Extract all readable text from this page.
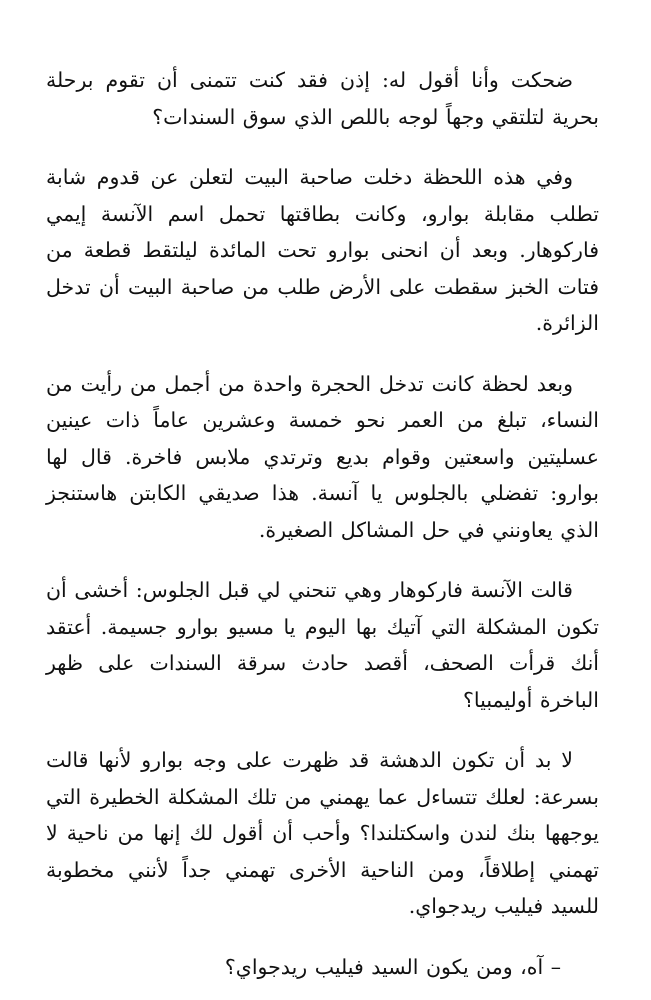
ضحكت وأنا أقول له: إذن فقد كنت تتمنى أن تقوم برحلة بحرية لتلتقي وجهاً لوجه باللص الذي سوق السندات؟

وفي هذه اللحظة دخلت صاحبة البيت لتعلن عن قدوم شابة تطلب مقابلة بوارو، وكانت بطاقتها تحمل اسم الآنسة إيمي فاركوهار. وبعد أن انحنى بوارو تحت المائدة ليلتقط قطعة من فتات الخبز سقطت على الأرض طلب من صاحبة البيت أن تدخل الزائرة.

وبعد لحظة كانت تدخل الحجرة واحدة من أجمل من رأيت من النساء، تبلغ من العمر نحو خمسة وعشرين عاماً ذات عينين عسليتين واسعتين وقوام بديع وترتدي ملابس فاخرة. قال لها بوارو: تفضلي بالجلوس يا آنسة. هذا صديقي الكابتن هاستنجز الذي يعاونني في حل المشاكل الصغيرة.

قالت الآنسة فاركوهار وهي تنحني لي قبل الجلوس: أخشى أن تكون المشكلة التي آتيك بها اليوم يا مسيو بوارو جسيمة. أعتقد أنك قرأت الصحف، أقصد حادث سرقة السندات على ظهر الباخرة أوليمبيا؟

لا بد أن تكون الدهشة قد ظهرت على وجه بوارو لأنها قالت بسرعة: لعلك تتساءل عما يهمني من تلك المشكلة الخطيرة التي يوجهها بنك لندن واسكتلندا؟ وأحب أن أقول لك إنها من ناحية لا تهمني إطلاقاً، ومن الناحية الأخرى تهمني جداً لأنني مخطوبة للسيد فيليب ريدجواي.

– آه، ومن يكون السيد فيليب ريدجواي؟
